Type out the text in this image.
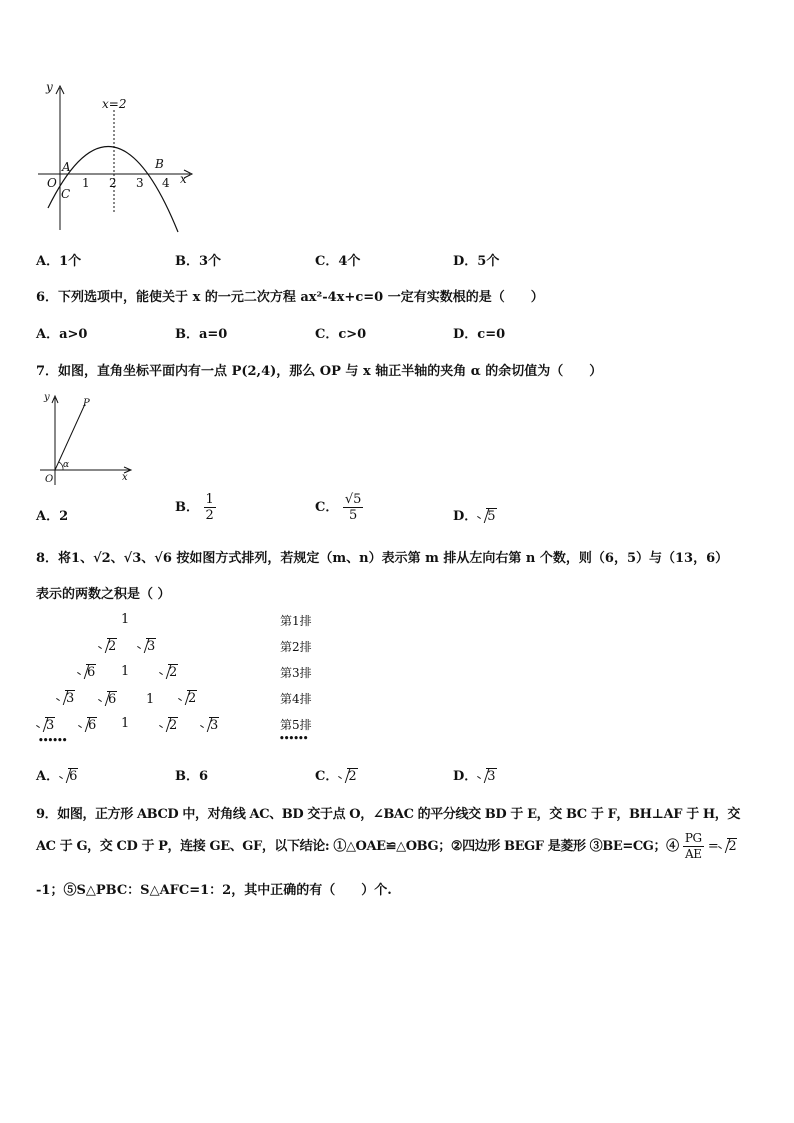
y
x=2
A	B
O
C
1 2 3 4 x
A．1个	B．3个	C．4个	D．5个
6．下列选项中，能使关于 x 的一元二次方程 ax²-4x+c=0 一定有实数根的是（　　）
A．a>0	B．a=0	C．c>0	D．c=0
7．如图，直角坐标平面内有一点 P(2,4)，那么 OP 与 x 轴正半轴的夹角 α 的余切值为（　　）
y
P
α
O	x
A．2
B． $\frac{1}{2}$	C． $\frac{√5}{5}$	D． 5
8．将1、√2、√3、√6 按如图方式排列，若规定（m、n）表示第 m 排从左向右第 n 个数，则（6，5）与（13，6）
表示的两数之积是（ ）
1
2	3
6 1	2
3	6 1	2
3	6 1	2	3
••••••
第1排
第2排
第3排
第4排
第5排
••••••
A． 6	B．6	C． 2	D． 3
9．如图，正方形 ABCD 中，对角线 AC、BD 交于点 O，∠BAC 的平分线交 BD 于 E，交 BC 于 F，BH⊥AF 于 H，交
AC 于 G，交 CD 于 P，连接 GE、GF，以下结论: ①△OAE≌△OBG；②四边形 BEGF 是菱形 ③BE=CG；④ $\frac{PG}{AE} = 2$
-1；⑤S△PBC：S△AFC=1：2，其中正确的有（　　）个.
